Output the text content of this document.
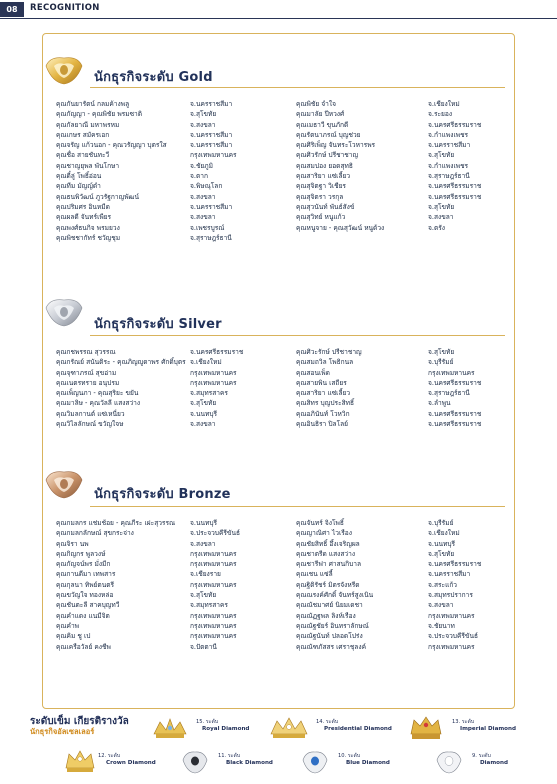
08	RECOGNITION
นักธุรกิจระดับ Gold
คุณกันยารัตน์ กลมค้างพลู
คุณกัญญา - คุณพิชัย พรมซาติ
คุณกัลยาณี มหาพรหม
คุณเกษร สมัครเอก
คุณจรัญ แก้วนอก - คุณวรัญญา บุตรใส
คุณชื่อ สายชันทะวี
คุณชาญยุพล พันโกษา
คุณดี๋ลู่ โพธิ์อ่อน
คุณทีม มัญญ์ดำ
คุณธนพิวัฒน์ ภูวรัฐกาญพัฒน์
คุณปริมศร อินหมีด
คุณผลดี จันทร์เพียร
คุณพงศ์ธนกิจ พรมยวง
คุณพิชชากัทร์ ชวัญชุม
จ.นครราชสีมา
จ.สุโขทัย
จ.สงขลา
จ.นครราชสีมา
จ.นครราชสีมา
กรุงเทพมหานคร
จ.ชัยภูมิ
จ.ตาก
จ.พิษณุโลก
จ.สงขลา
จ.นครราชสีมา
จ.สงขลา
จ.เพชรบูรณ์
จ.สุราษฎร์ธานี
คุณพิชัย จำใจ
คุณมาลัย ปีหวงศ์
คุณเมธาวี ขุนภักดี
คุณรัตนาภรณ์ บุญช่วย
คุณศิริเพ็ญ จันทระโวหารพร
คุณศิวรักษ์ ปรีชาชาญ
คุณสมปอง ยอดสุทธิ
คุณสาริยา แซ่เลี้ยว
คุณสุจิตฐา วิเชียร
คุณสุจิตรา วรกุล
คุณสุวนันท์ พันธ์สังข์
คุณสุวิทย์ หนูแก้ว
คุณหนูจาย - คุณสุวัฒน์ หนูด้วง
จ.เชียงใหม่
จ.ระยอง
จ.นครศรีธรรมราช
จ.กำแพงเพชร
จ.นครราชสีมา
จ.สุโขทัย
จ.กำแพงเพชร
จ.สุราษฎร์ธานี
จ.นครศรีธรรมราช
จ.นครศรีธรรมราช
จ.สุโขทัย
จ.สงขลา
จ.ตรัง
นักธุรกิจระดับ Silver
คุณกชพรรณ สุวรรณ
คุณกรัณย์ สนันติระ - คุณภิญญูดาพร ศักดิ์บุตร
คุณจุฑาภรณ์ สุขอ่าม
คุณเนตรทราย อนุปรม
คุณเพ็ญนภา - คุณสุริยะ ขยัน
คุณมาลิษ - คุณวัลลี แสงสว่าง
คุณวิมลกานต์ แซ่เหนี่ยว
คุณวิไลลักษณ์ ขวัญใจษ
จ.นครศรีธรรมราช
จ.เชียงใหม่
กรุงเทพมหานคร
กรุงเทพมหานคร
จ.สมุทรสาคร
จ.สุโขทัย
จ.นนทบุรี
จ.สงขลา
คุณศิวะรักษ์ ปรีชาชาญ
คุณสมถวิล โพธิกนล
คุณสอนเพ็ด
คุณสายพิน เสถียร
คุณสาริยา แซ่เลี้ยว
คุณสิทร บุญประสิทธิ์
คุณอภินันท์ โวหวิก
คุณอินธิรา ปิลโลย์
จ.สุโขทัย
จ.บุรีรัมย์
กรุงเทพมหานคร
จ.นครศรีธรรมราช
จ.สุราษฎร์ธานี
จ.ลำพูน
จ.นครศรีธรรมราช
จ.นครศรีธรรมราช
นักธุรกิจระดับ Bronze
คุณกมลกร แช่มช้อย - คุณภีระ เผ่ะสุวรรณ
คุณกมลกลักษณ์ สุขกระจ่าง
คุณจิรา นพ
คุณกิญกร พูลวงษ์
คุณกัญจน์พร มั่งมีก
คุณกานดีมา เทพสาร
คุณกุลนา ทิพย์ตนตรี
คุณขวัญใจ ทองหล่อ
คุณชันตะลี สาคบุญทวี
คุณคำแดง แนมีจิต
คุณคำพ
คุณคิม ชู เป
คุณเครือวัลย์ คงชีพ
จ.นนทบุรี
จ.ประจวบคีรีขันธ์
จ.สงขลา
กรุงเทพมหานคร
กรุงเทพมหานคร
จ.เชียงราย
กรุงเทพมหานคร
จ.สุโขทัย
จ.สมุทรสาคร
กรุงเทพมหานคร
กรุงเทพมหานคร
กรุงเทพมหานคร
จ.ปัตตานี
คุณจันทร์ จิงโพธิ์
คุณญาณิศา ไวเรือง
คุณชัยสิทธิ์ อึ้งเจริญผล
คุณชาตรีด แสงสว่าง
คุณชารีฟา ศาสนกิบาล
คุณเชน แซ่ลี้
คุณฐิติรัชร์ มิตรจังหรีด
คุณณรงค์ศักดิ์ จันทร์สูงเนิน
คุณณัชมาศย์ นิยมเดชา
คุณณัฏฐพล ลิงห์เรือง
คุณณัฐชัยร์ อินทราลักษณ์
คุณณัฐนันท์ ปลอดโปร่ง
คุณณัฑภัสสร เศราชุลงค์
จ.บุรีรัมย์
จ.เชียงใหม่
จ.นนทบุรี
จ.สุโขทัย
จ.นครศรีธรรมราช
จ.นครราชสีมา
จ.สระแก้ว
จ.สมุทรปราการ
จ.สงขลา
กรุงเทพมหานคร
จ.ชัยนาท
จ.ประจวบคีรีขันธ์
กรุงเทพมหานคร
ระดับเข็ม เกียรติรางวัล
นักธุรกิจอัลเซลเลอร์
15. ระดับ
Royal Diamond
14. ระดับ
Presidential Diamond
13. ระดับ
Imperial Diamond
12. ระดับ
Crown Diamond
11. ระดับ
Black Diamond
10. ระดับ
Blue Diamond
9. ระดับ
Diamond
